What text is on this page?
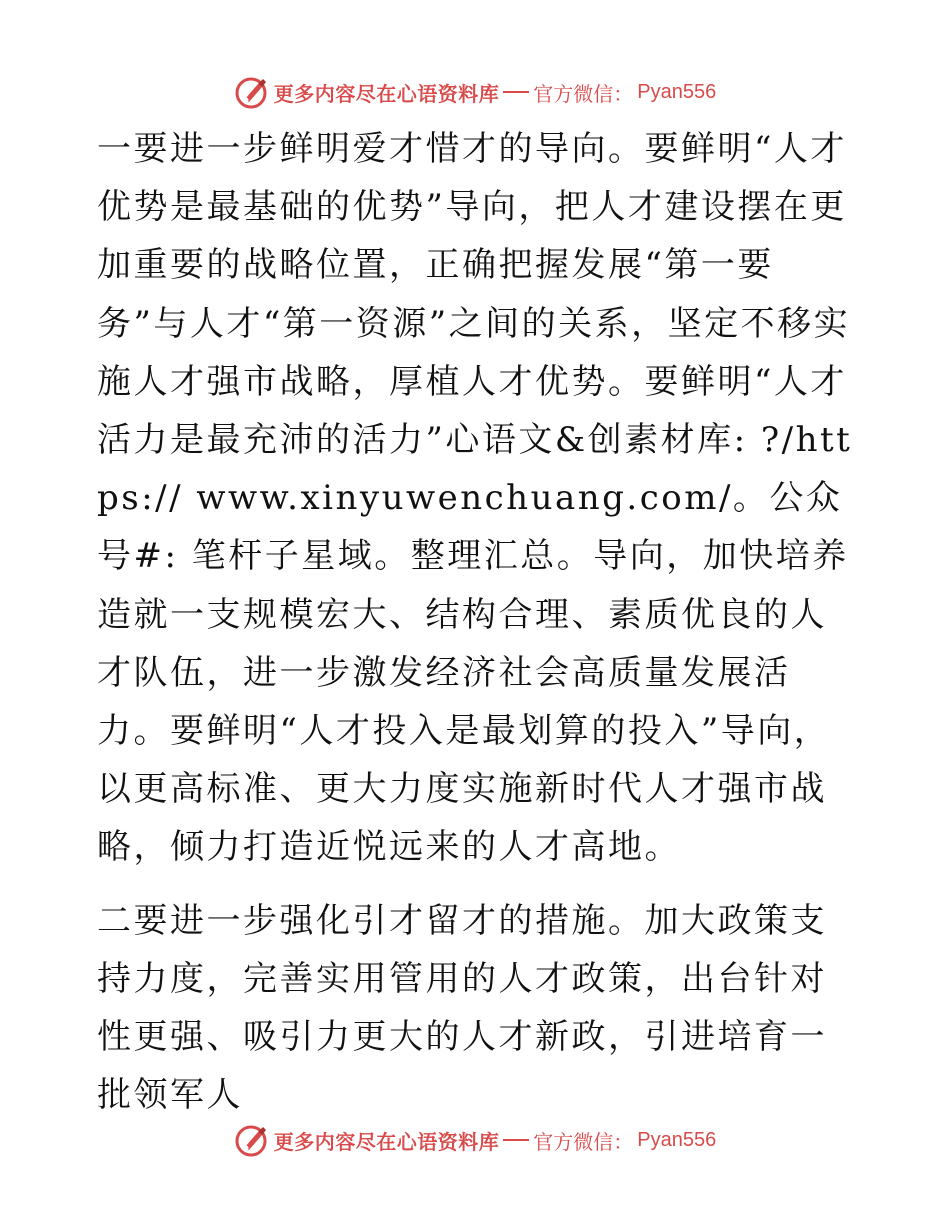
更多内容尽在心语资料库 官方微信： Pyan556

一要进一步鲜明爱才惜才的导向。要鲜明“人才优势是最基础的优势”导向，把人才建设摆在更加重要的战略位置，正确把握发展“第一要务”与人才“第一资源”之间的关系，坚定不移实施人才强市战略，厚植人才优势。要鲜明“人才活力是最充沛的活力”心语文&创素材库: ?/https:// www.xinyuwenchuang.com/。公众号#: 笔杆子星域。整理汇总。导向，加快培养造就一支规模宏大、结构合理、素质优良的人才队伍，进一步激发经济社会高质量发展活力。要鲜明“人才投入是最划算的投入”导向，以更高标准、更大力度实施新时代人才强市战略，倾力打造近悦远来的人才高地。

二要进一步强化引才留才的措施。加大政策支持力度，完善实用管用的人才政策，出台针对性更强、吸引力更大的人才新政，引进培育一批领军人

更多内容尽在心语资料库 官方微信： Pyan556
